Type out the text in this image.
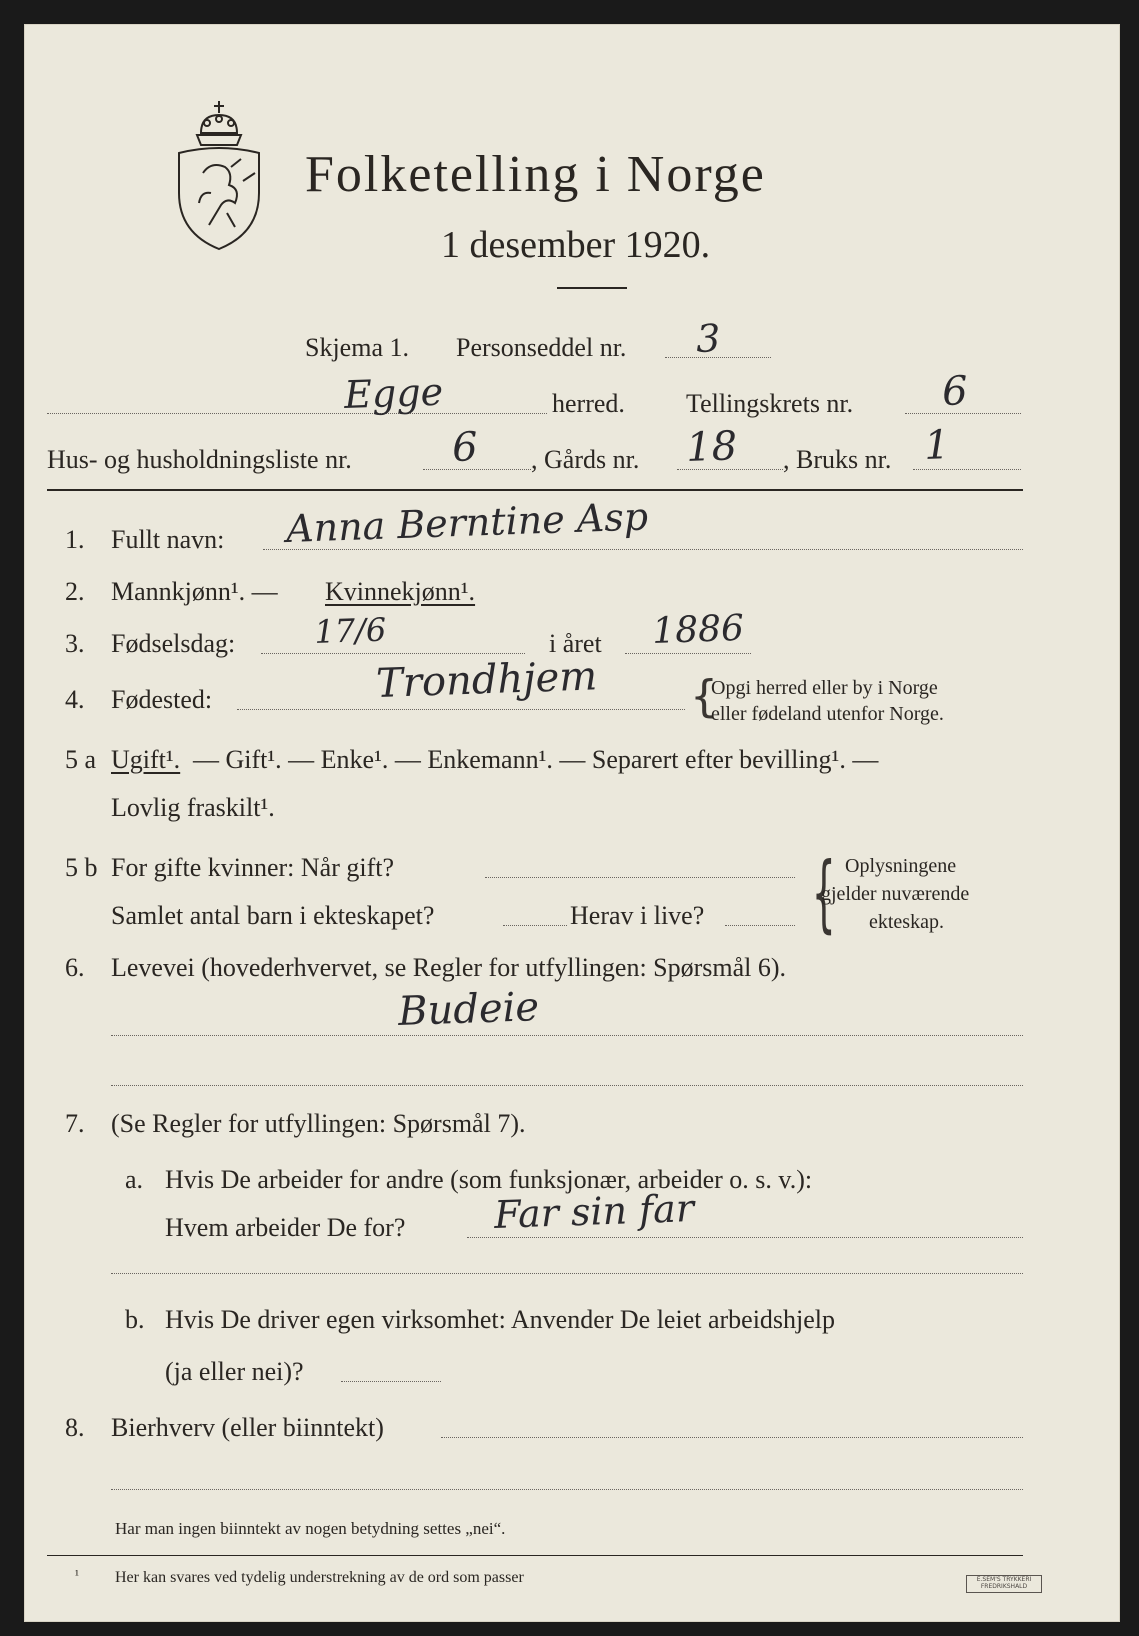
Folketelling i Norge
1 desember 1920.
Skjema 1. Personseddel nr. 3
Egge	herred. Tellingskrets nr. 6
Hus- og husholdningsliste nr. 6 , Gårds nr. 18 , Bruks nr. 1
1. Fullt navn: Anna Berntine Asp
2. Mannkjønn¹. — Kvinnekjønn¹.
3. Fødselsdag: 17/6	i året 1886
4. Fødested:	Trondhjem {
Opgi herred eller by i Norge
eller fødeland utenfor Norge.
5 a Ugift¹. — Gift¹. — Enke¹. — Enkemann¹. — Separert efter bevilling¹. —
Lovlig fraskilt¹.
5 b For gifte kvinner: Når gift?
Samlet antal barn i ekteskapet?	Herav i live? { Oplysningene
gjelder nuværende
ekteskap.
6. Levevei (hovederhvervet, se Regler for utfyllingen: Spørsmål 6).
Budeie
7. (Se Regler for utfyllingen: Spørsmål 7).
a. Hvis De arbeider for andre (som funksjonær, arbeider o. s. v.):
Hvem arbeider De for? Far sin far
b. Hvis De driver egen virksomhet: Anvender De leiet arbeidshjelp
(ja eller nei)?
8. Bierhverv (eller biinntekt)
Har man ingen biinntekt av nogen betydning settes „nei“.
¹ Her kan svares ved tydelig understrekning av de ord som passer	E.SEM'S TRYKKERI
FREDRIKSHALD
